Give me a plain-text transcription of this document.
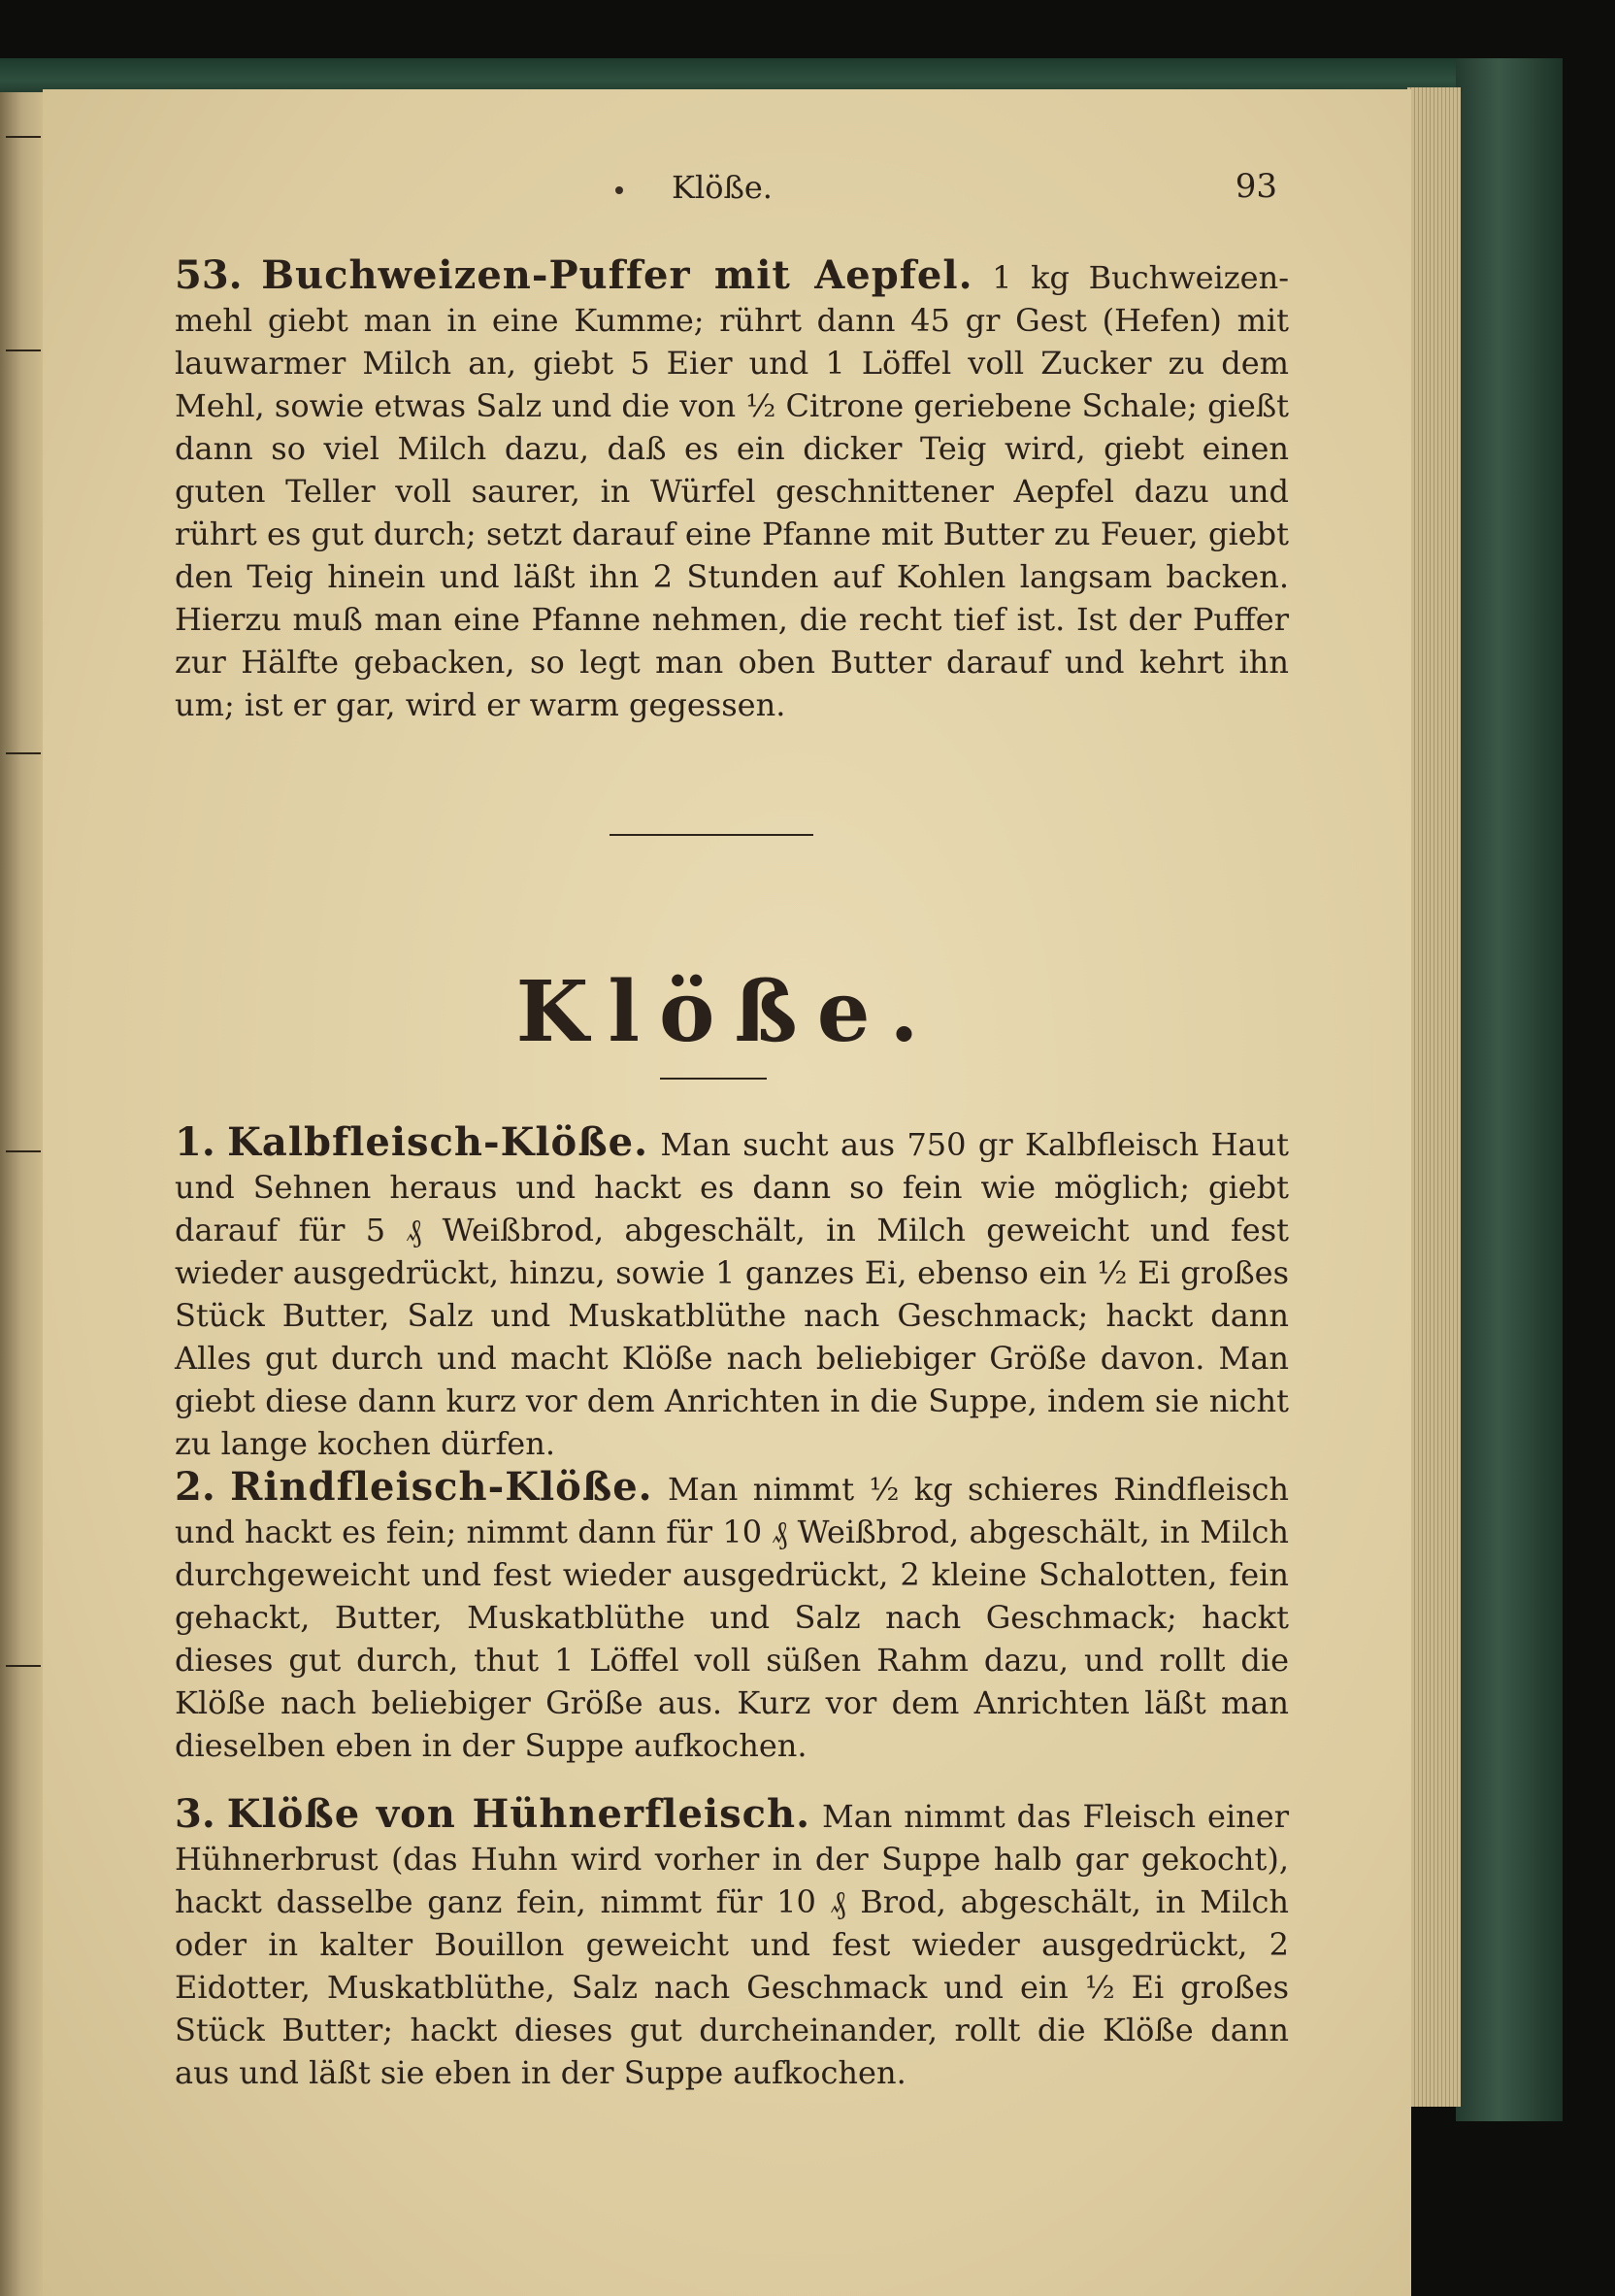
Klöße.	93

53. Buchweizen-Puffer mit Aepfel. 1 kg Buchweizen-mehl giebt man in eine Kumme; rührt dann 45 gr Gest (Hefen) mit lauwarmer Milch an, giebt 5 Eier und 1 Löffel voll Zucker zu dem Mehl, sowie etwas Salz und die von ½ Citrone geriebene Schale; gießt dann so viel Milch dazu, daß es ein dicker Teig wird, giebt einen guten Teller voll saurer, in Würfel geschnittener Aepfel dazu und rührt es gut durch; setzt darauf eine Pfanne mit Butter zu Feuer, giebt den Teig hinein und läßt ihn 2 Stunden auf Kohlen langsam backen. Hierzu muß man eine Pfanne nehmen, die recht tief ist. Ist der Puffer zur Hälfte gebacken, so legt man oben Butter darauf und kehrt ihn um; ist er gar, wird er warm gegessen.

Klöße.

1. Kalbfleisch-Klöße. Man sucht aus 750 gr Kalbfleisch Haut und Sehnen heraus und hackt es dann so fein wie möglich; giebt darauf für 5 ₰ Weißbrod, abgeschält, in Milch geweicht und fest wieder ausgedrückt, hinzu, sowie 1 ganzes Ei, ebenso ein ½ Ei großes Stück Butter, Salz und Muskatblüthe nach Geschmack; hackt dann Alles gut durch und macht Klöße nach beliebiger Größe davon. Man giebt diese dann kurz vor dem Anrichten in die Suppe, indem sie nicht zu lange kochen dürfen.

2. Rindfleisch-Klöße. Man nimmt ½ kg schieres Rindfleisch und hackt es fein; nimmt dann für 10 ₰ Weißbrod, abgeschält, in Milch durchgeweicht und fest wieder ausgedrückt, 2 kleine Schalotten, fein gehackt, Butter, Muskatblüthe und Salz nach Geschmack; hackt dieses gut durch, thut 1 Löffel voll süßen Rahm dazu, und rollt die Klöße nach beliebiger Größe aus. Kurz vor dem Anrichten läßt man dieselben eben in der Suppe aufkochen.

3. Klöße von Hühnerfleisch. Man nimmt das Fleisch einer Hühnerbrust (das Huhn wird vorher in der Suppe halb gar gekocht), hackt dasselbe ganz fein, nimmt für 10 ₰ Brod, abgeschält, in Milch oder in kalter Bouillon geweicht und fest wieder ausgedrückt, 2 Eidotter, Muskatblüthe, Salz nach Geschmack und ein ½ Ei großes Stück Butter; hackt dieses gut durcheinander, rollt die Klöße dann aus und läßt sie eben in der Suppe aufkochen.
